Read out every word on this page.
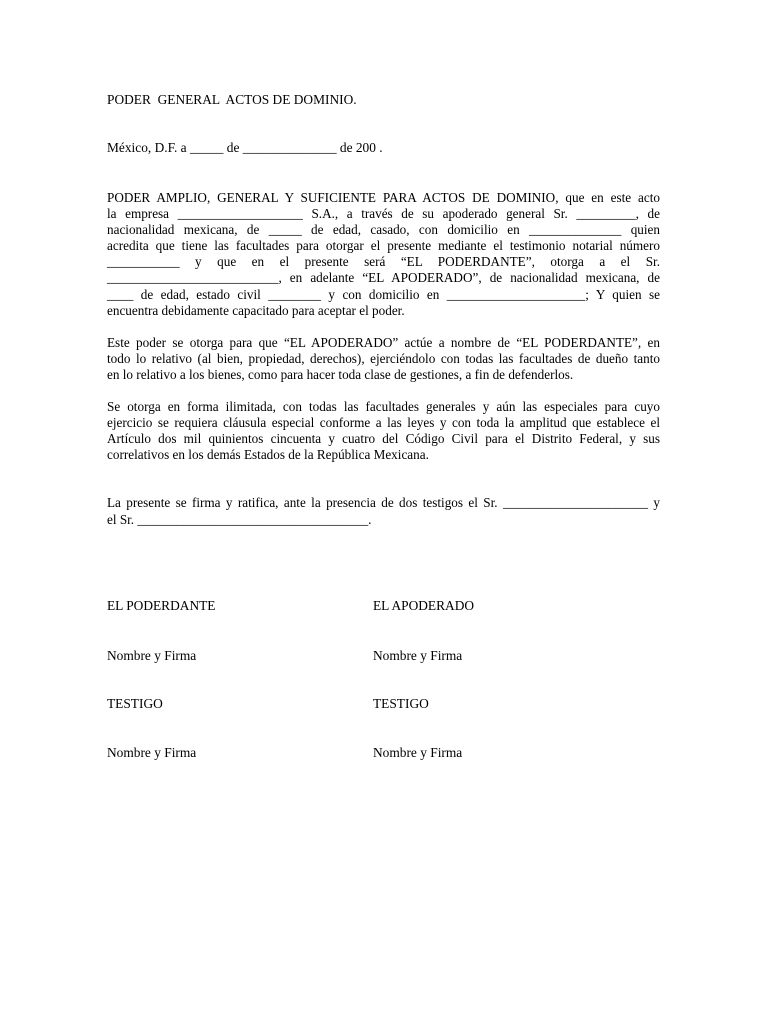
PODER  GENERAL  ACTOS DE DOMINIO.

México, D.F. a _____ de ______________ de 200 .
PODER AMPLIO, GENERAL Y SUFICIENTE PARA ACTOS DE DOMINIO, que en este acto
la empresa ___________________ S.A., a través de su apoderado general Sr. _________, de
nacionalidad mexicana, de _____ de edad, casado, con domicilio en ______________ quien
acredita que tiene las facultades para otorgar el presente mediante el testimonio notarial número
___________ y que en el presente será “EL PODERDANTE”, otorga a el Sr.
__________________________, en adelante “EL APODERADO”, de nacionalidad mexicana, de
____ de edad, estado civil ________ y con domicilio en _____________________; Y quien se
encuentra debidamente capacitado para aceptar el poder.
Este poder se otorga para que “EL APODERADO” actúe a nombre de “EL PODERDANTE”, en
todo lo relativo (al bien, propiedad, derechos), ejerciéndolo con todas las facultades de dueño tanto
en lo relativo a los bienes, como para hacer toda clase de gestiones, a fin de defenderlos.
Se otorga en forma ilimitada, con todas las facultades generales y aún las especiales para cuyo
ejercicio se requiera cláusula especial conforme a las leyes y con toda la amplitud que establece el
Artículo dos mil quinientos cincuenta y cuatro del Código Civil para el Distrito Federal, y sus
correlativos en los demás Estados de la República Mexicana.
La presente se firma y ratifica, ante la presencia de dos testigos el Sr. ______________________ y
el Sr. ___________________________________.
EL PODERDANTE	EL APODERADO
Nombre y Firma	Nombre y Firma
TESTIGO	TESTIGO
Nombre y Firma	Nombre y Firma
